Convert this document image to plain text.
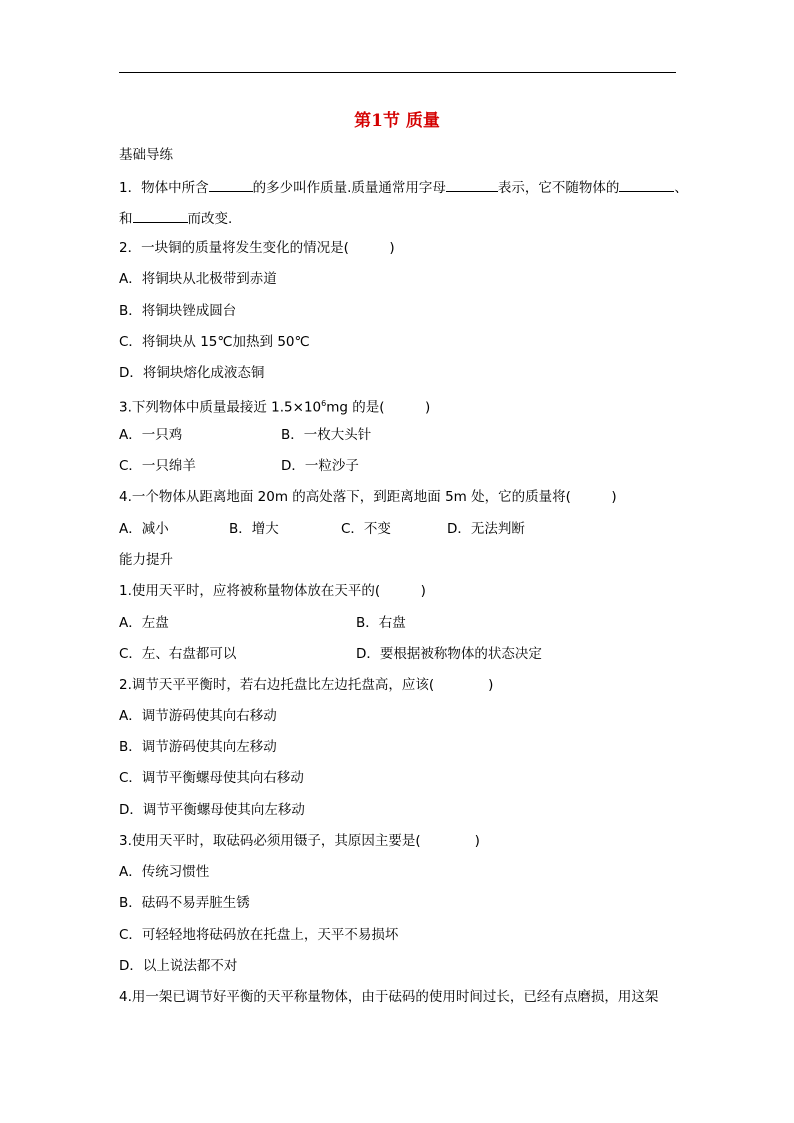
第1节 质量
基础导练
1．物体中所含	的多少叫作质量.质量通常用字母	表示，它不随物体的	、
和	而改变.
2．一块铜的质量将发生变化的情况是(　　　)
A．将铜块从北极带到赤道
B．将铜块锉成圆台
C．将铜块从 15℃加热到 50℃
D．将铜块熔化成液态铜
3.下列物体中质量最接近 $1.5\times 10^6mg$ 的是(　　　)
A．一只鸡	B．一枚大头针
C．一只绵羊	D．一粒沙子
4.一个物体从距离地面 20m 的高处落下，到距离地面 5m 处，它的质量将(　　　)
A．减小	B．增大	C．不变	D．无法判断
能力提升
1.使用天平时，应将被称量物体放在天平的(　　　)
A．左盘	B．右盘
C．左、右盘都可以	D．要根据被称物体的状态决定
2.调节天平平衡时，若右边托盘比左边托盘高，应该(　　　　)
A．调节游码使其向右移动
B．调节游码使其向左移动
C．调节平衡螺母使其向右移动
D．调节平衡螺母使其向左移动
3.使用天平时，取砝码必须用镊子，其原因主要是(　　　　)
A．传统习惯性
B．砝码不易弄脏生锈
C．可轻轻地将砝码放在托盘上，天平不易损坏
D．以上说法都不对
4.用一架已调节好平衡的天平称量物体，由于砝码的使用时间过长，已经有点磨损，用这架
